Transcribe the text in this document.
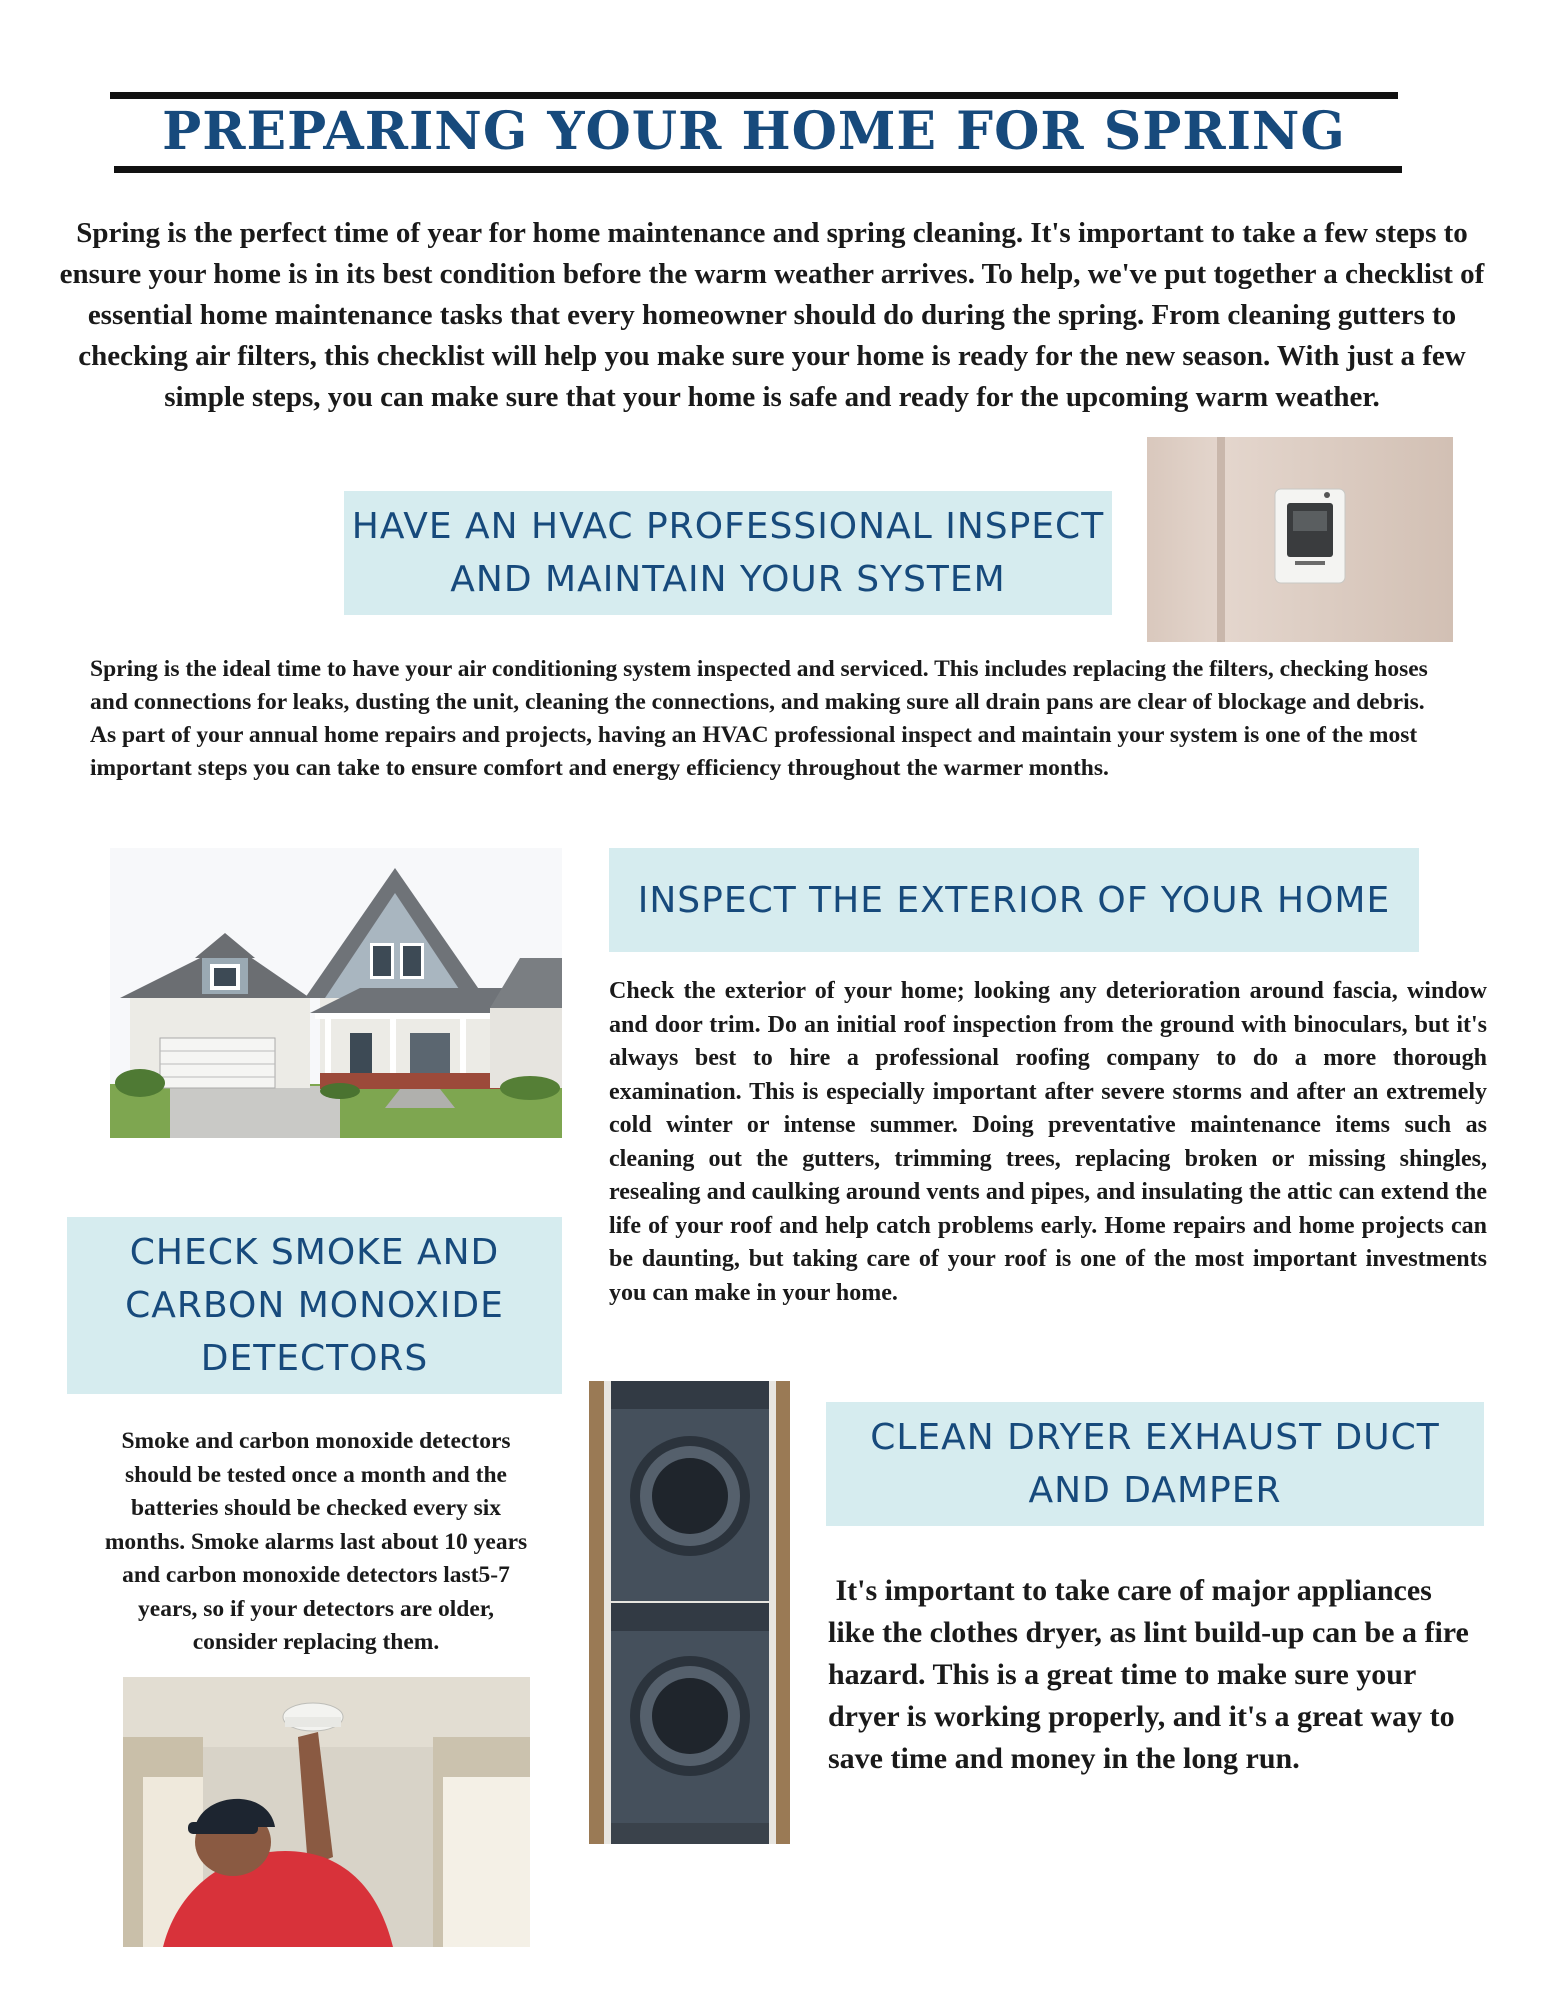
PREPARING YOUR HOME FOR SPRING
Spring is the perfect time of year for home maintenance and spring cleaning. It's important to take a few steps to ensure your home is in its best condition before the warm weather arrives. To help, we've put together a checklist of essential home maintenance tasks that every homeowner should do during the spring. From cleaning gutters to checking air filters, this checklist will help you make sure your home is ready for the new season. With just a few simple steps, you can make sure that your home is safe and ready for the upcoming warm weather.
HAVE AN HVAC PROFESSIONAL INSPECT AND MAINTAIN YOUR SYSTEM
Spring is the ideal time to have your air conditioning system inspected and serviced. This includes replacing the filters, checking hoses and connections for leaks, dusting the unit, cleaning the connections, and making sure all drain pans are clear of blockage and debris. As part of your annual home repairs and projects, having an HVAC professional inspect and maintain your system is one of the most important steps you can take to ensure comfort and energy efficiency throughout the warmer months.
INSPECT THE EXTERIOR OF YOUR HOME
Check the exterior of your home; looking any deterioration around fascia, window and door trim. Do an initial roof inspection from the ground with binoculars, but it's always best to hire a professional roofing company to do a more thorough examination. This is especially important after severe storms and after an extremely cold winter or intense summer. Doing preventative maintenance items such as cleaning out the gutters, trimming trees, replacing broken or missing shingles, resealing and caulking around vents and pipes, and insulating the attic can extend the life of your roof and help catch problems early. Home repairs and home projects can be daunting, but taking care of your roof is one of the most important investments you can make in your home.
CHECK SMOKE AND CARBON MONOXIDE DETECTORS
Smoke and carbon monoxide detectors should be tested once a month and the batteries should be checked every six months. Smoke alarms last about 10 years and carbon monoxide detectors last5-7 years, so if your detectors are older, consider replacing them.
CLEAN DRYER EXHAUST DUCT AND DAMPER
It's important to take care of major appliances like the clothes dryer, as lint build-up can be a fire hazard. This is a great time to make sure your dryer is working properly, and it's a great way to save time and money in the long run.
